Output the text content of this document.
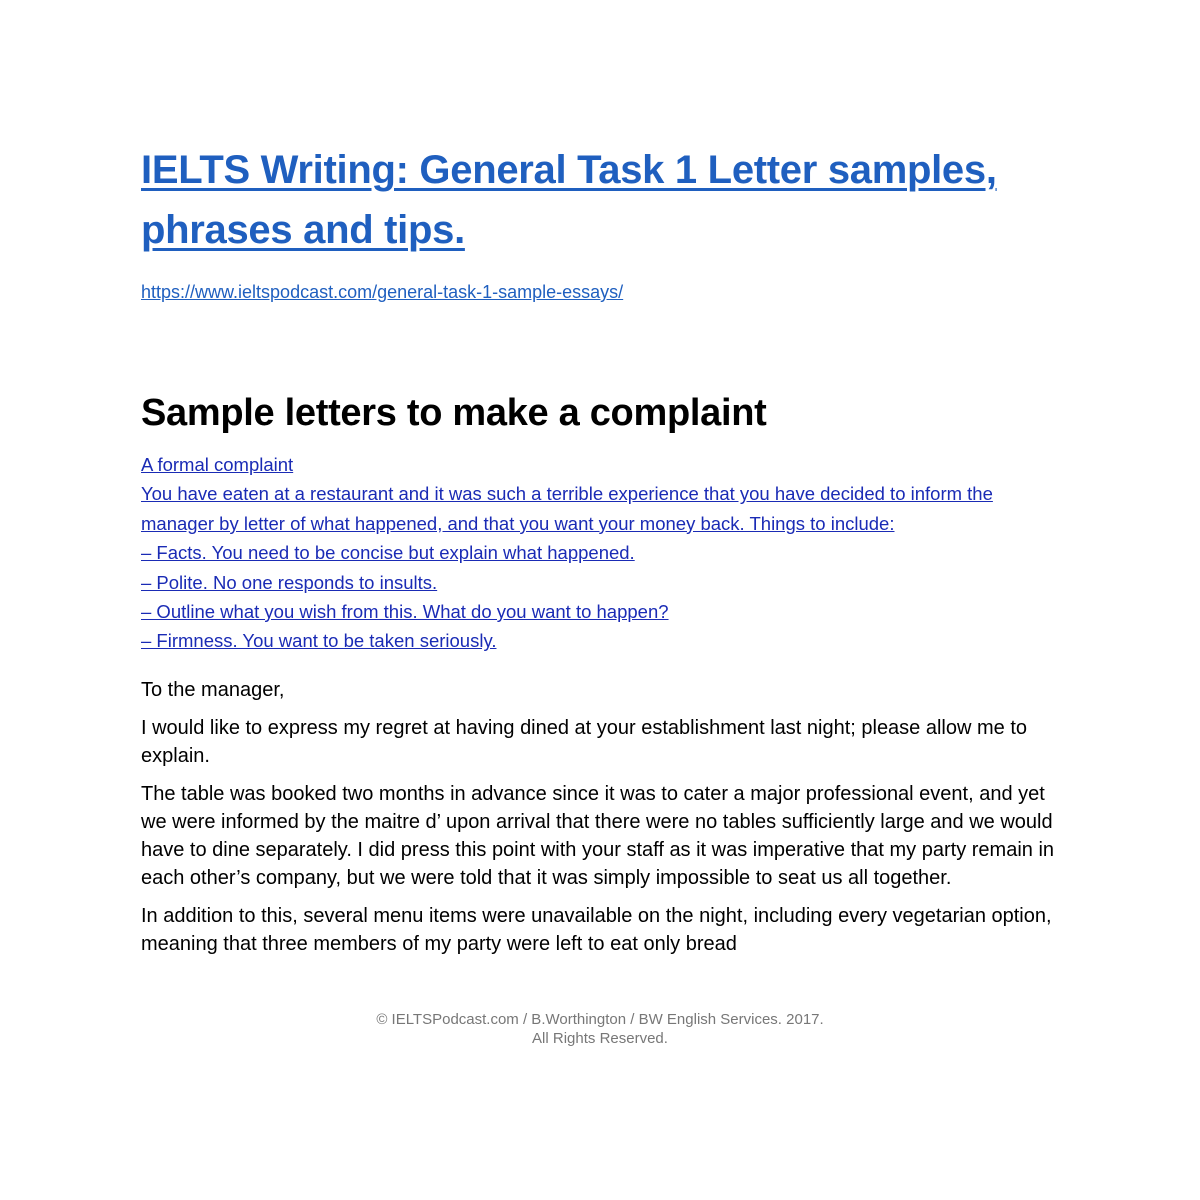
IELTS Writing: General Task 1 Letter samples, phrases and tips.
https://www.ieltspodcast.com/general-task-1-sample-essays/
Sample letters to make a complaint
A formal complaint
You have eaten at a restaurant and it was such a terrible experience that you have decided to inform the
manager by letter of what happened, and that you want your money back. Things to include:
– Facts. You need to be concise but explain what happened.
– Polite. No one responds to insults.
– Outline what you wish from this. What do you want to happen?
– Firmness. You want to be taken seriously.

To the manager,

I would like to express my regret at having dined at your establishment last night; please allow me to explain.

The table was booked two months in advance since it was to cater a major professional event, and yet we were informed by the maitre d’ upon arrival that there were no tables sufficiently large and we would have to dine separately. I did press this point with your staff as it was imperative that my party remain in each other’s company, but we were told that it was simply impossible to seat us all together.

In addition to this, several menu items were unavailable on the night, including every vegetarian option, meaning that three members of my party were left to eat only bread

© IELTSPodcast.com / B.Worthington / BW English Services. 2017.
All Rights Reserved.
